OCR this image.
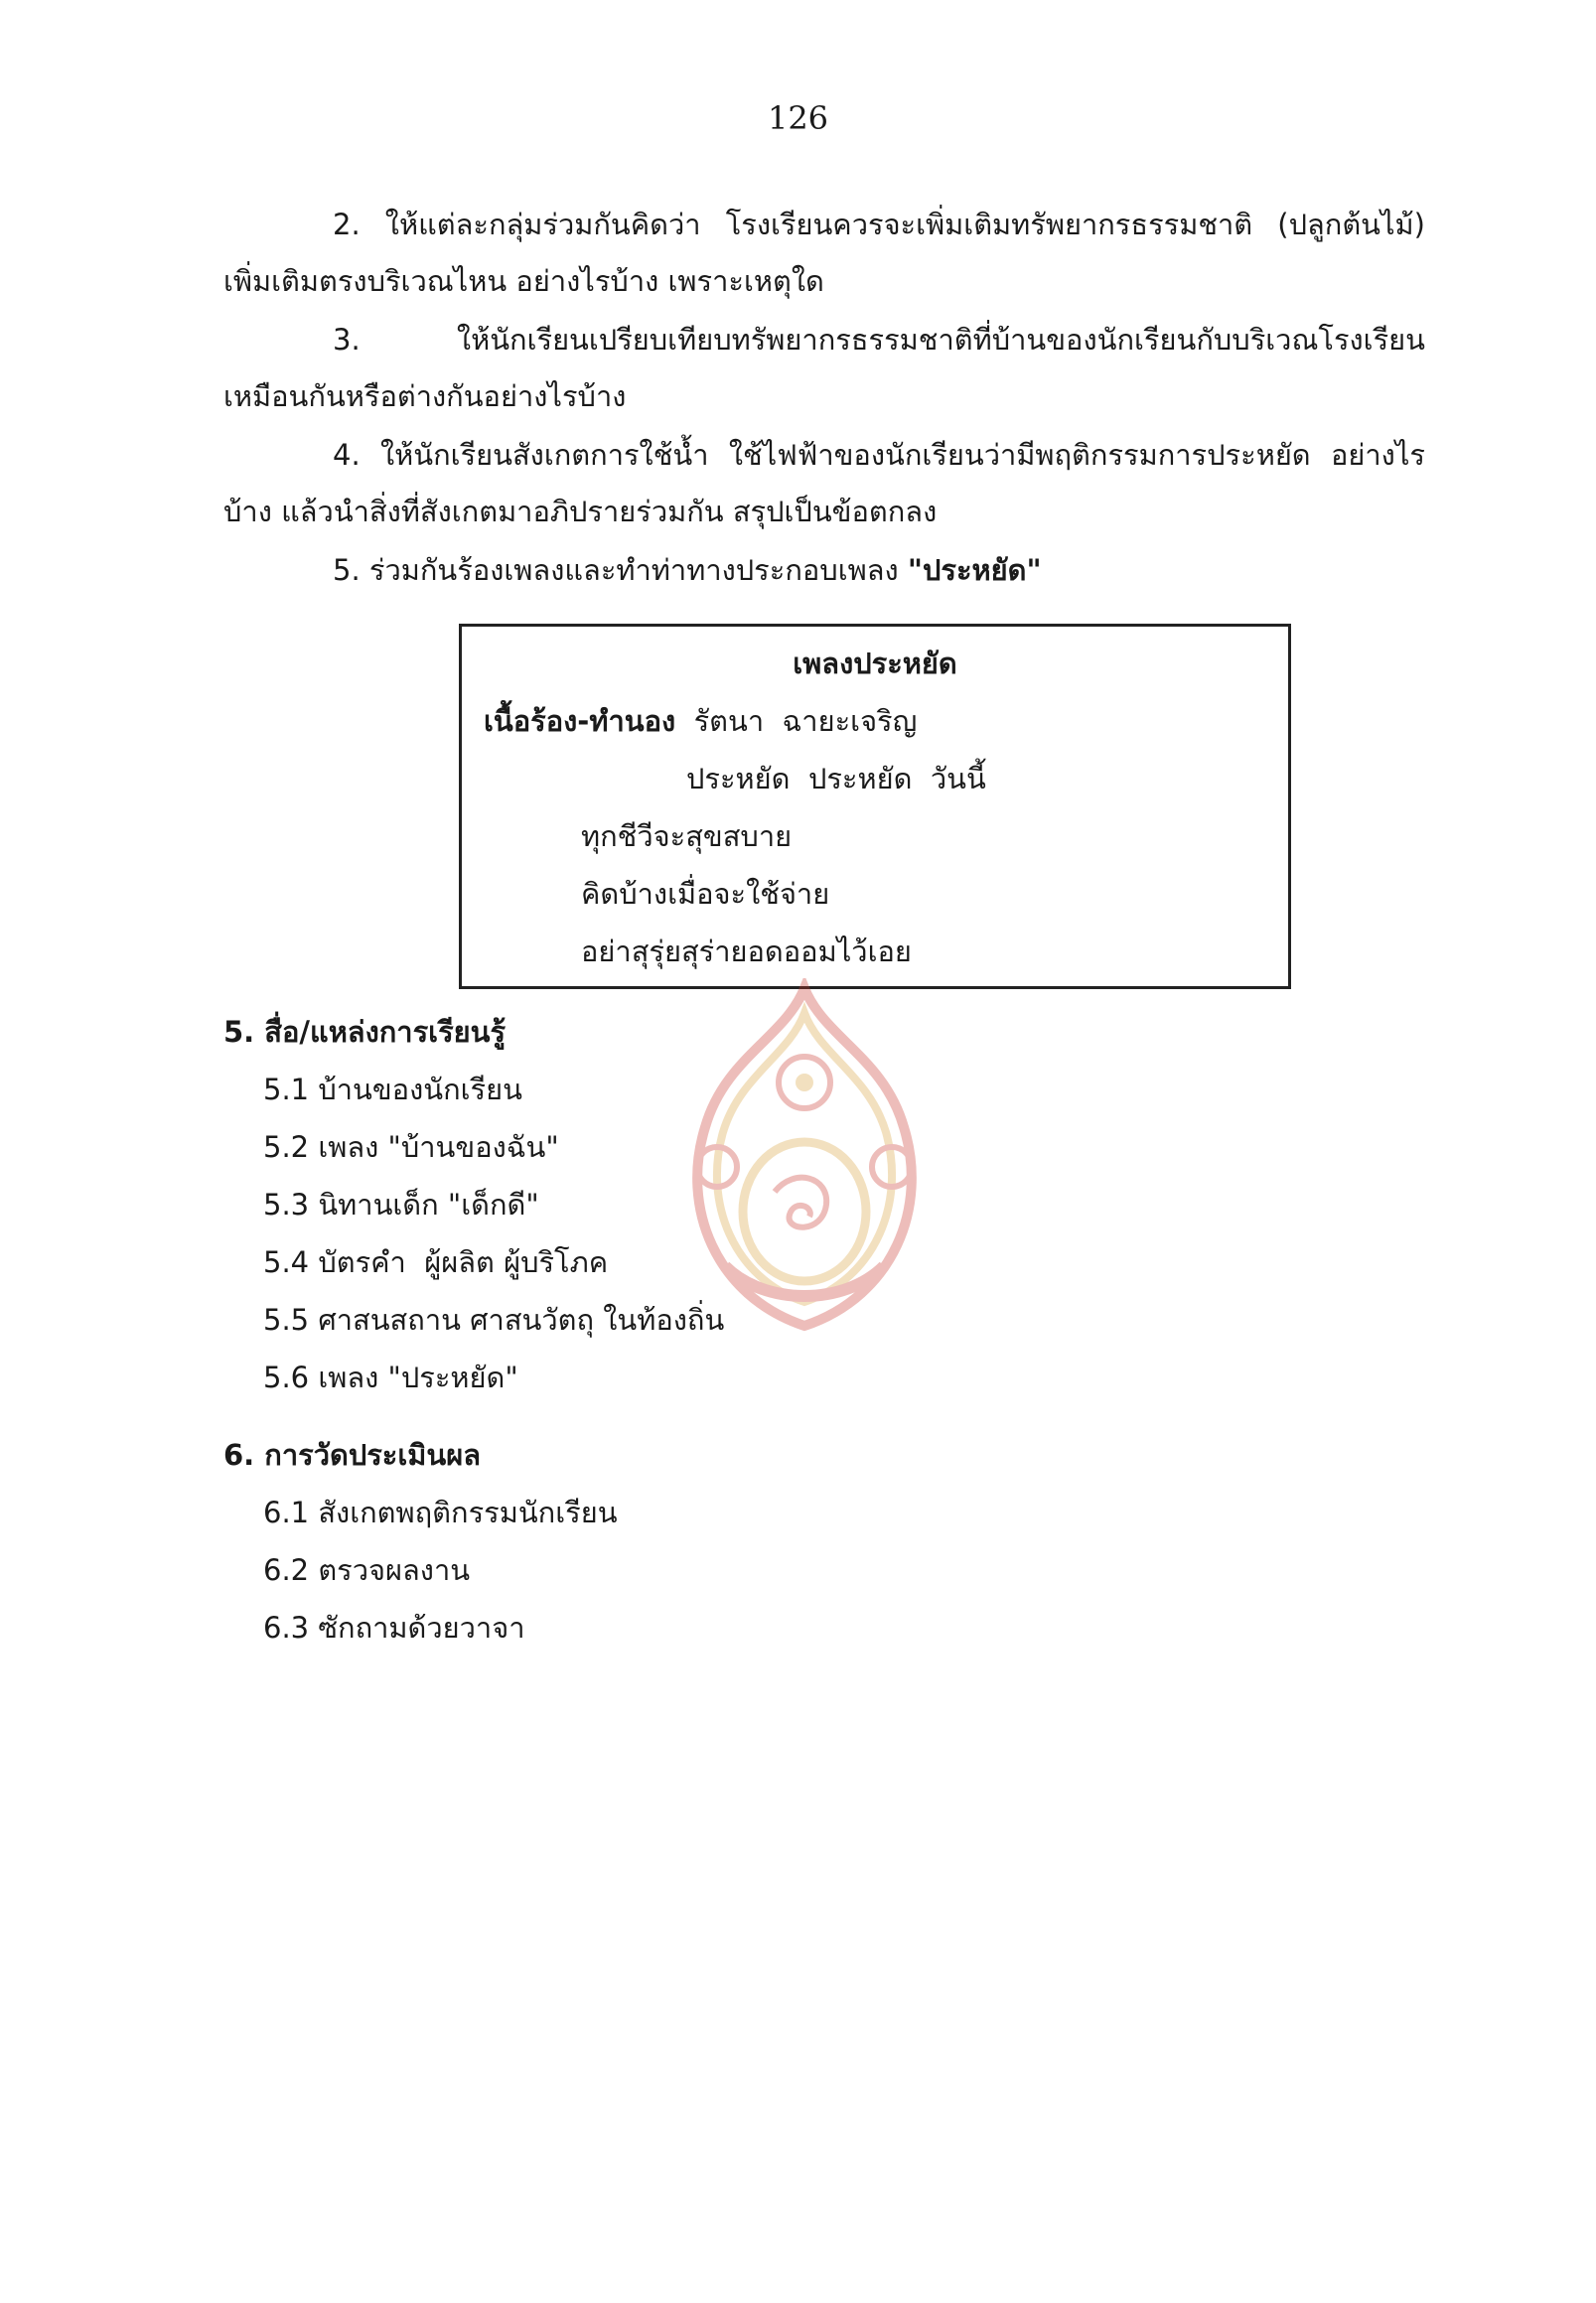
126

2. ให้แต่ละกลุ่มร่วมกันคิดว่า โรงเรียนควรจะเพิ่มเติมทรัพยากรธรรมชาติ (ปลูกต้นไม้) เพิ่มเติมตรงบริเวณไหน อย่างไรบ้าง เพราะเหตุใด

3. ให้นักเรียนเปรียบเทียบทรัพยากรธรรมชาติที่บ้านของนักเรียนกับบริเวณโรงเรียน เหมือนกันหรือต่างกันอย่างไรบ้าง

4. ให้นักเรียนสังเกตการใช้น้ำ ใช้ไฟฟ้าของนักเรียนว่ามีพฤติกรรมการประหยัด อย่างไรบ้าง แล้วนำสิ่งที่สังเกตมาอภิปรายร่วมกัน สรุปเป็นข้อตกลง

5. ร่วมกันร้องเพลงและทำท่าทางประกอบเพลง "ประหยัด"

เพลงประหยัด
เนื้อร้อง-ทำนอง  รัตนา  ฉายะเจริญ
ประหยัด  ประหยัด  วันนี้
ทุกชีวีจะสุขสบาย
คิดบ้างเมื่อจะใช้จ่าย
อย่าสุรุ่ยสุร่ายอดออมไว้เอย
5. สื่อ/แหล่งการเรียนรู้
5.1 บ้านของนักเรียน
5.2 เพลง "บ้านของฉัน"
5.3 นิทานเด็ก "เด็กดี"
5.4 บัตรคำ  ผู้ผลิต ผู้บริโภค
5.5 ศาสนสถาน ศาสนวัตถุ ในท้องถิ่น
5.6 เพลง "ประหยัด"
6. การวัดประเมินผล
6.1 สังเกตพฤติกรรมนักเรียน
6.2 ตรวจผลงาน
6.3 ซักถามด้วยวาจา
